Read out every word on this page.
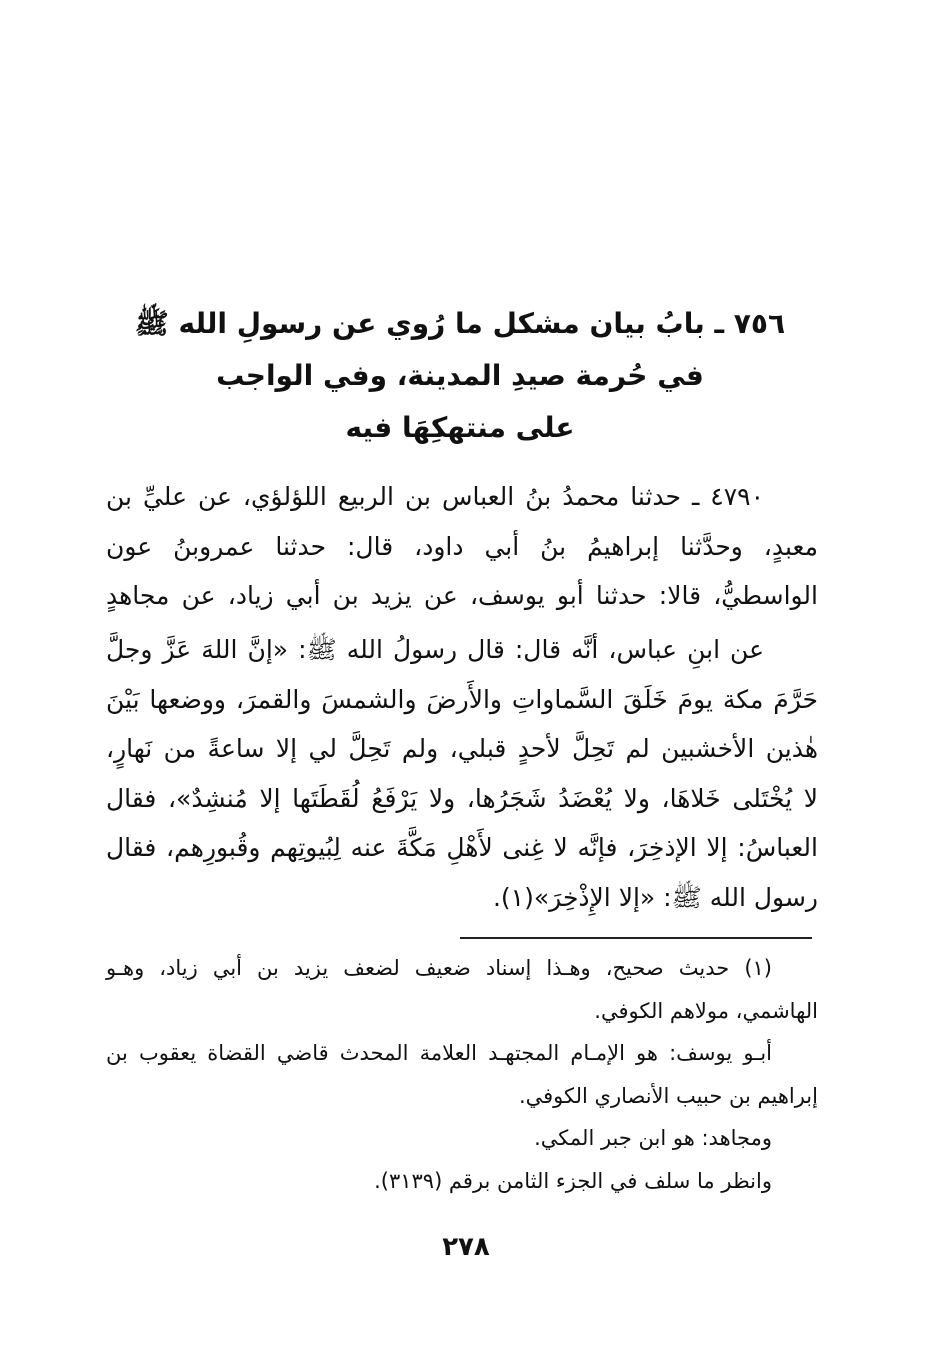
٧٥٦ ـ بابُ بيان مشكل ما رُوي عن رسولِ الله ﷺ
في حُرمة صيدِ المدينة، وفي الواجب
على منتهكِهَا فيه
٤٧٩٠ ـ حدثنا محمدُ بنُ العباس بن الربيع اللؤلؤي، عن عليِّ بن
معبدٍ، وحدَّثنا إبراهيمُ بنُ أبي داود، قال: حدثنا عمروبنُ عون
الواسطيُّ، قالا: حدثنا أبو يوسف، عن يزيد بن أبي زياد، عن مجاهدٍ
عن ابنِ عباس، أنَّه قال: قال رسولُ الله ﷺ: «إنَّ اللهَ عَزَّ وجلَّ
حَرَّمَ مكة يومَ خَلَقَ السَّماواتِ والأَرضَ والشمسَ والقمرَ، ووضعها بَيْنَ
هٰذين الأخشبين لم تَحِلَّ لأحدٍ قبلي، ولم تَحِلَّ لي إلا ساعةً من نَهارٍ،
لا يُخْتَلى خَلاهَا، ولا يُعْضَدُ شَجَرُها، ولا يَرْفَعُ لُقَطَتَها إلا مُنشِدٌ»، فقال
العباسُ: إلا الإذخِرَ، فإنَّه لا غِنى لأَهْلِ مَكَّةَ عنه لِبُيوتِهم وقُبورِهم، فقال
رسول الله ﷺ: «إلا الإِذْخِرَ»(١).
(١) حديث صحيح، وهـذا إسناد ضعيف لضعف يزيد بن أبي زياد، وهـو
الهاشمي، مولاهم الكوفي.
أبـو يوسف: هو الإمـام المجتهـد العلامة المحدث قاضي القضاة يعقوب بن
إبراهيم بن حبيب الأنصاري الكوفي.
ومجاهد: هو ابن جبر المكي.
وانظر ما سلف في الجزء الثامن برقم (٣١٣٩).
٢٧٨
